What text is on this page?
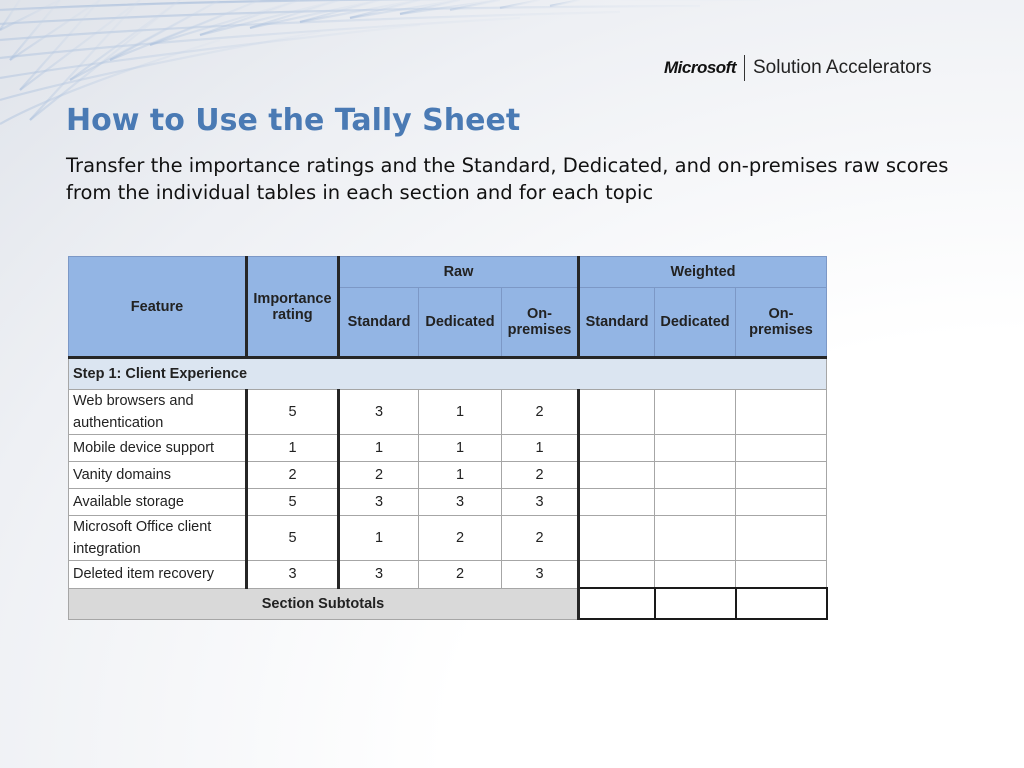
Microsoft Solution Accelerators
How to Use the Tally Sheet

Transfer the importance ratings and the Standard, Dedicated, and on-premises raw scores from the individual tables in each section and for each topic

Feature	Importance rating	Raw			Weighted		
		Standard	Dedicated	On-premises	Standard	Dedicated	On-premises
Step 1: Client Experience							
Web browsers and authentication	5	3	1	2			
Mobile device support	1	1	1	1			
Vanity domains	2	2	1	2			
Available storage	5	3	3	3			
Microsoft Office client integration	5	1	2	2			
Deleted item recovery	3	3	2	3			
Section Subtotals							
